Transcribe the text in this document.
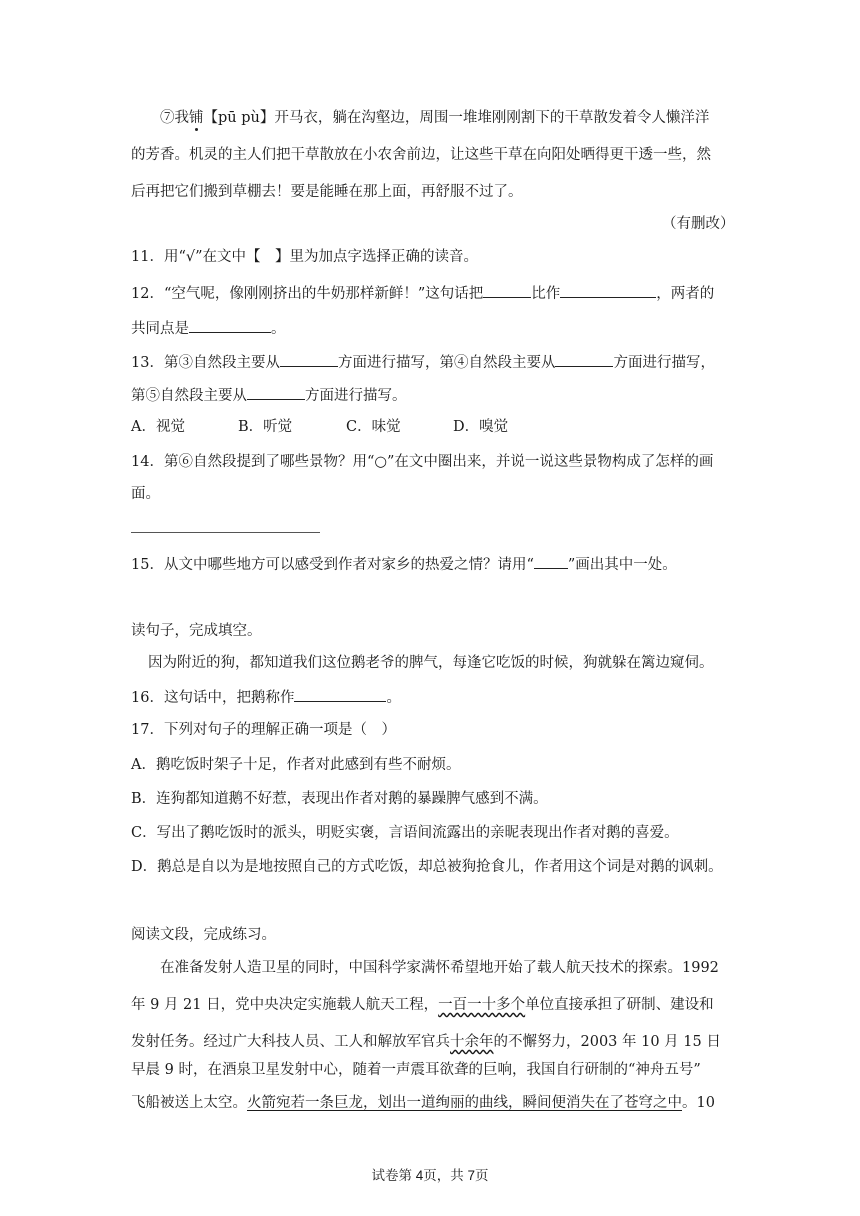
⑦我铺【pū pù】开马衣，躺在沟壑边，周围一堆堆刚刚割下的干草散发着令人懒洋洋
的芳香。机灵的主人们把干草散放在小农舍前边，让这些干草在向阳处晒得更干透一些，然
后再把它们搬到草棚去！要是能睡在那上面，再舒服不过了。
（有删改）
11．用“√”在文中【　】里为加点字选择正确的读音。
12．“空气呢，像刚刚挤出的牛奶那样新鲜！”这句话把	比作	，两者的
共同点是	。
13．第③自然段主要从	方面进行描写，第④自然段主要从	方面进行描写，
第⑤自然段主要从	方面进行描写。
A．视觉	B．听觉	C．味觉	D．嗅觉
14．第⑥自然段提到了哪些景物？用“○”在文中圈出来，并说一说这些景物构成了怎样的画
面。
15．从文中哪些地方可以感受到作者对家乡的热爱之情？请用“ ”画出其中一处。
读句子，完成填空。
因为附近的狗，都知道我们这位鹅老爷的脾气，每逢它吃饭的时候，狗就躲在篱边窥伺。
16．这句话中，把鹅称作	。
17．下列对句子的理解正确一项是（　）
A．鹅吃饭时架子十足，作者对此感到有些不耐烦。
B．连狗都知道鹅不好惹，表现出作者对鹅的暴躁脾气感到不满。
C．写出了鹅吃饭时的派头，明贬实褒，言语间流露出的亲昵表现出作者对鹅的喜爱。
D．鹅总是自以为是地按照自己的方式吃饭，却总被狗抢食儿，作者用这个词是对鹅的讽刺。
阅读文段，完成练习。
在准备发射人造卫星的同时，中国科学家满怀希望地开始了载人航天技术的探索。1992
年 9 月 21 日，党中央决定实施载人航天工程，一百一十多个单位直接承担了研制、建设和
发射任务。经过广大科技人员、工人和解放军官兵十余年的不懈努力，2003 年 10 月 15 日
早晨 9 时，在酒泉卫星发射中心，随着一声震耳欲聋的巨响，我国自行研制的“神舟五号”
飞船被送上太空。火箭宛若一条巨龙，划出一道绚丽的曲线，瞬间便消失在了苍穹之中。10
试卷第 4页，共 7页
